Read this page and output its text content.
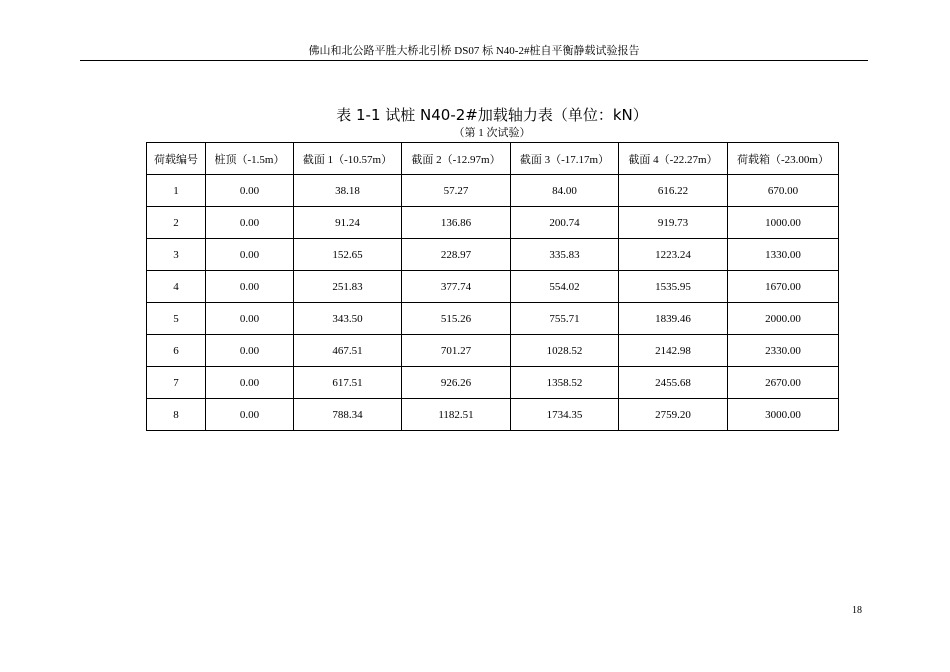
佛山和北公路平胜大桥北引桥 DS07 标 N40-2#桩自平衡静载试验报告
表 1-1 试桩 N40-2#加载轴力表（单位：kN）
（第 1 次试验）
荷载编号	桩顶（-1.5m）	截面 1（-10.57m）	截面 2（-12.97m）	截面 3（-17.17m）	截面 4（-22.27m）	荷载箱（-23.00m）
1	0.00	38.18	57.27	84.00	616.22	670.00
2	0.00	91.24	136.86	200.74	919.73	1000.00
3	0.00	152.65	228.97	335.83	1223.24	1330.00
4	0.00	251.83	377.74	554.02	1535.95	1670.00
5	0.00	343.50	515.26	755.71	1839.46	2000.00
6	0.00	467.51	701.27	1028.52	2142.98	2330.00
7	0.00	617.51	926.26	1358.52	2455.68	2670.00
8	0.00	788.34	1182.51	1734.35	2759.20	3000.00
18
